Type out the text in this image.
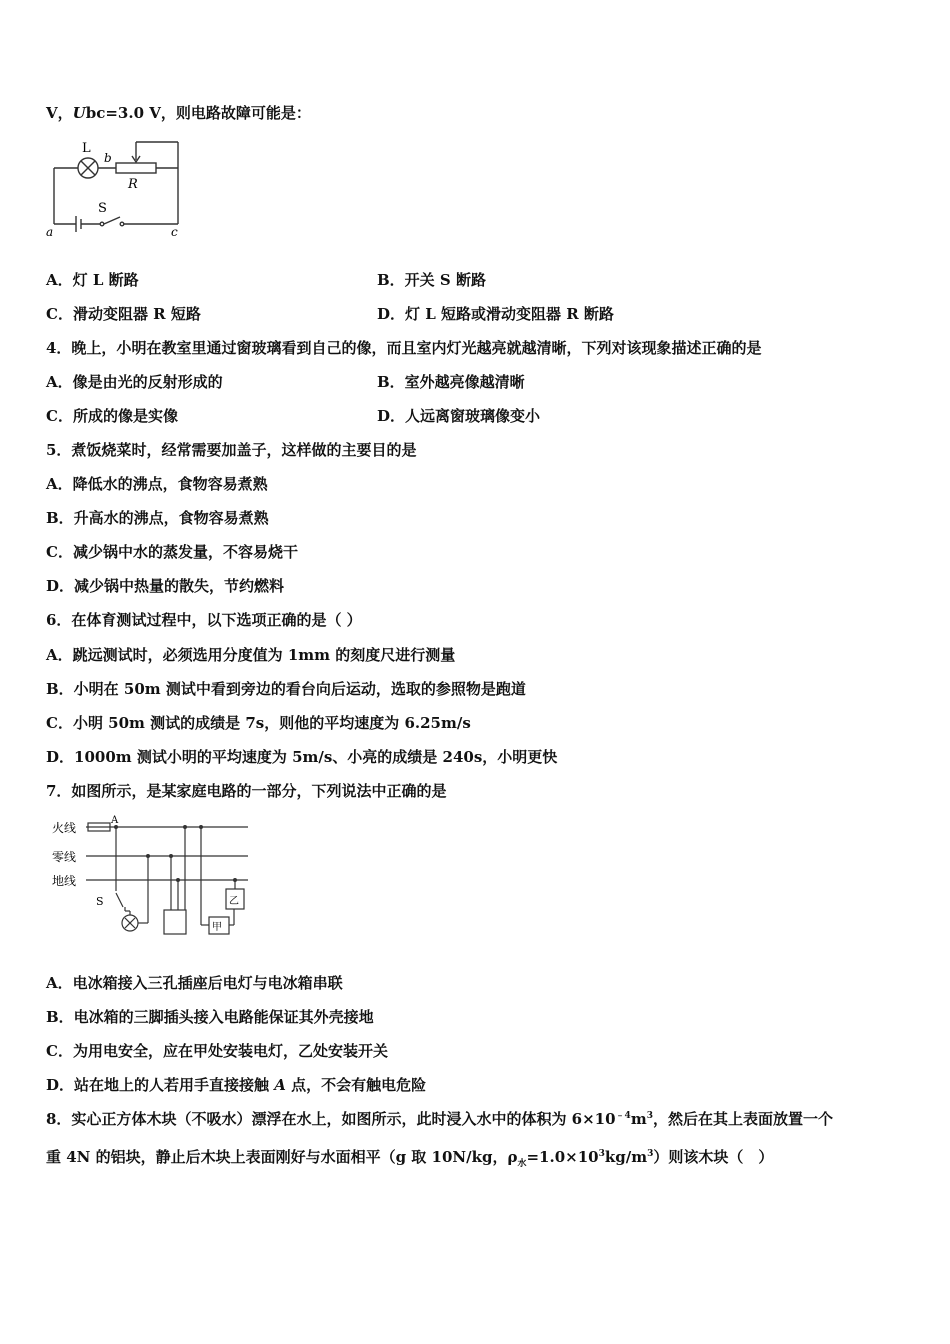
V，Ubc=3.0 V，则电路故障可能是：
L
b
R
S
a	c
A．灯 L 断路	B．开关 S 断路
C．滑动变阻器 R 短路	D．灯 L 短路或滑动变阻器 R 断路
4．晚上，小明在教室里通过窗玻璃看到自己的像，而且室内灯光越亮就越清晰，下列对该现象描述正确的是
A．像是由光的反射形成的	B．室外越亮像越清晰
C．所成的像是实像	D．人远离窗玻璃像变小
5．煮饭烧菜时，经常需要加盖子，这样做的主要目的是
A．降低水的沸点，食物容易煮熟
B．升高水的沸点，食物容易煮熟
C．减少锅中水的蒸发量，不容易烧干
D．减少锅中热量的散失，节约燃料
6．在体育测试过程中，以下选项正确的是（ ）
A．跳远测试时，必须选用分度值为 1mm 的刻度尺进行测量
B．小明在 50m 测试中看到旁边的看台向后运动，选取的参照物是跑道
C．小明 50m 测试的成绩是 7s，则他的平均速度为 6.25m/s
D．1000m 测试小明的平均速度为 5m/s、小亮的成绩是 240s，小明更快
7．如图所示，是某家庭电路的一部分，下列说法中正确的是
火线
零线
地线
A
S
甲
乙
A．电冰箱接入三孔插座后电灯与电冰箱串联
B．电冰箱的三脚插头接入电路能保证其外壳接地
C．为用电安全，应在甲处安装电灯，乙处安装开关
D．站在地上的人若用手直接接触 A 点，不会有触电危险
8．实心正方体木块（不吸水）漂浮在水上，如图所示，此时浸入水中的体积为 $6\times 10^{﹣4}m^3$，然后在其上表面放置一个
重 4N 的铝块，静止后木块上表面刚好与水面相平（g 取 10N/kg，$\rho_水=1.0\times 10^3kg/m^3$）则该木块（　）
